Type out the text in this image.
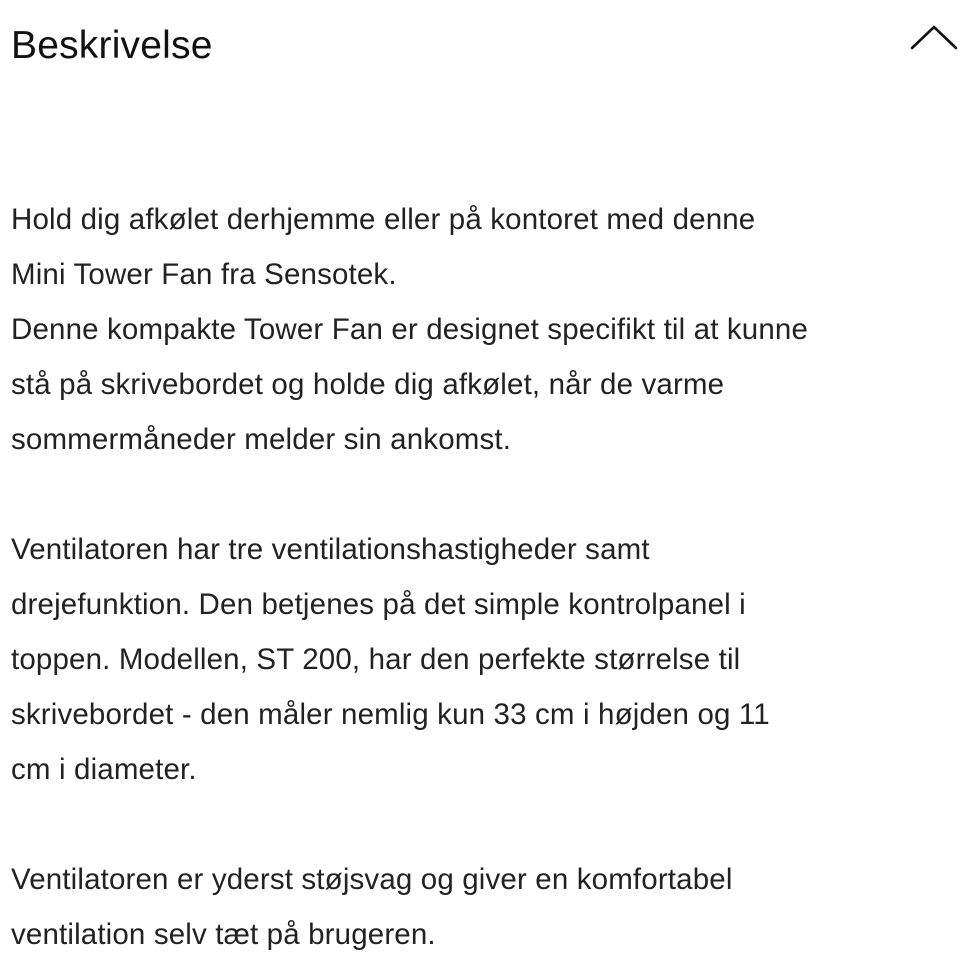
Beskrivelse
Hold dig afkølet derhjemme eller på kontoret med denne
Mini Tower Fan fra Sensotek.
Denne kompakte Tower Fan er designet specifikt til at kunne
stå på skrivebordet og holde dig afkølet, når de varme
sommermåneder melder sin ankomst.
Ventilatoren har tre ventilationshastigheder samt
drejefunktion. Den betjenes på det simple kontrolpanel i
toppen. Modellen, ST 200, har den perfekte størrelse til
skrivebordet - den måler nemlig kun 33 cm i højden og 11
cm i diameter.
Ventilatoren er yderst støjsvag og giver en komfortabel
ventilation selv tæt på brugeren.
